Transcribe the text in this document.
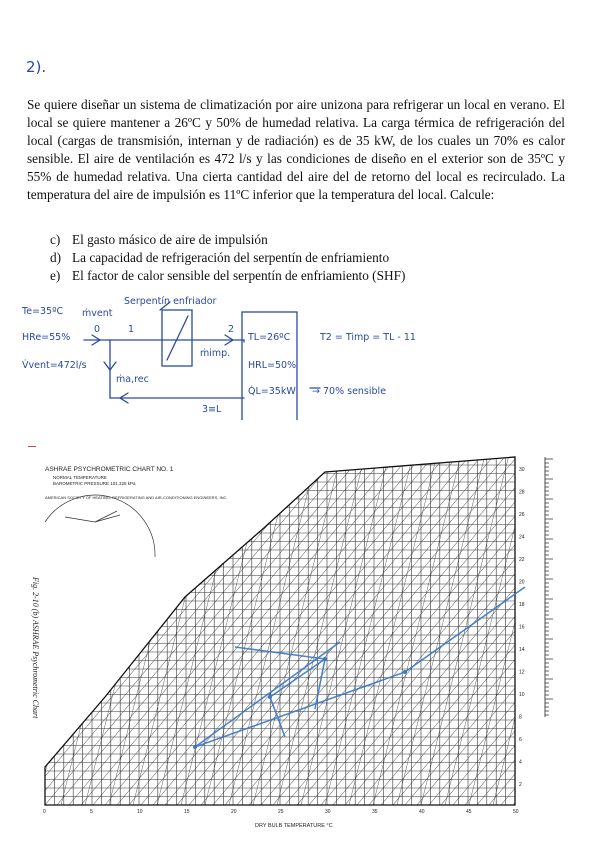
2).

Se quiere diseñar un sistema de climatización por aire unizona para refrigerar un local en verano. El local se quiere mantener a 26ºC y 50% de humedad relativa. La carga térmica de refrigeración del local (cargas de transmisión, internan y de radiación) es de 35 kW, de los cuales un 70% es calor sensible. El aire de ventilación es 472 l/s y las condiciones de diseño en el exterior son de 35ºC y 55% de humedad relativa. Una cierta cantidad del aire del de retorno del local es recirculado. La temperatura del aire de impulsión es 11ºC inferior que la temperatura del local. Calcule:

c) El gasto másico de aire de impulsión
d) La capacidad de refrigeración del serpentín de enfriamiento
e) El factor de calor sensible del serpentín de enfriamiento (SHF)
Te=35ºC
HRe=55%
V̇vent=472l/s
ṁvent
Serpentín enfriador
0	1	2
ṁimp.
ṁa,rec
3≡L
TL=26ºC
HRL=50%
Q̇L=35kW → 70% sensible
T2 = Timp = TL - 11
ASHRAE PSYCHROMETRIC CHART NO. 1
NORMAL TEMPERATURE
BAROMETRIC PRESSURE 101.325 kPa
AMERICAN SOCIETY OF HEATING, REFRIGERATING AND AIR-CONDITIONING ENGINEERS, INC.
DRY BULB TEMPERATURE °C
Fig. 2-10 (b) ASHRAE Psychrometric Chart
0	5	10	15	20	25	30	35	40	45	50
30
28
26
24
22
20
18
16
14
12
10
8
6
4
2
